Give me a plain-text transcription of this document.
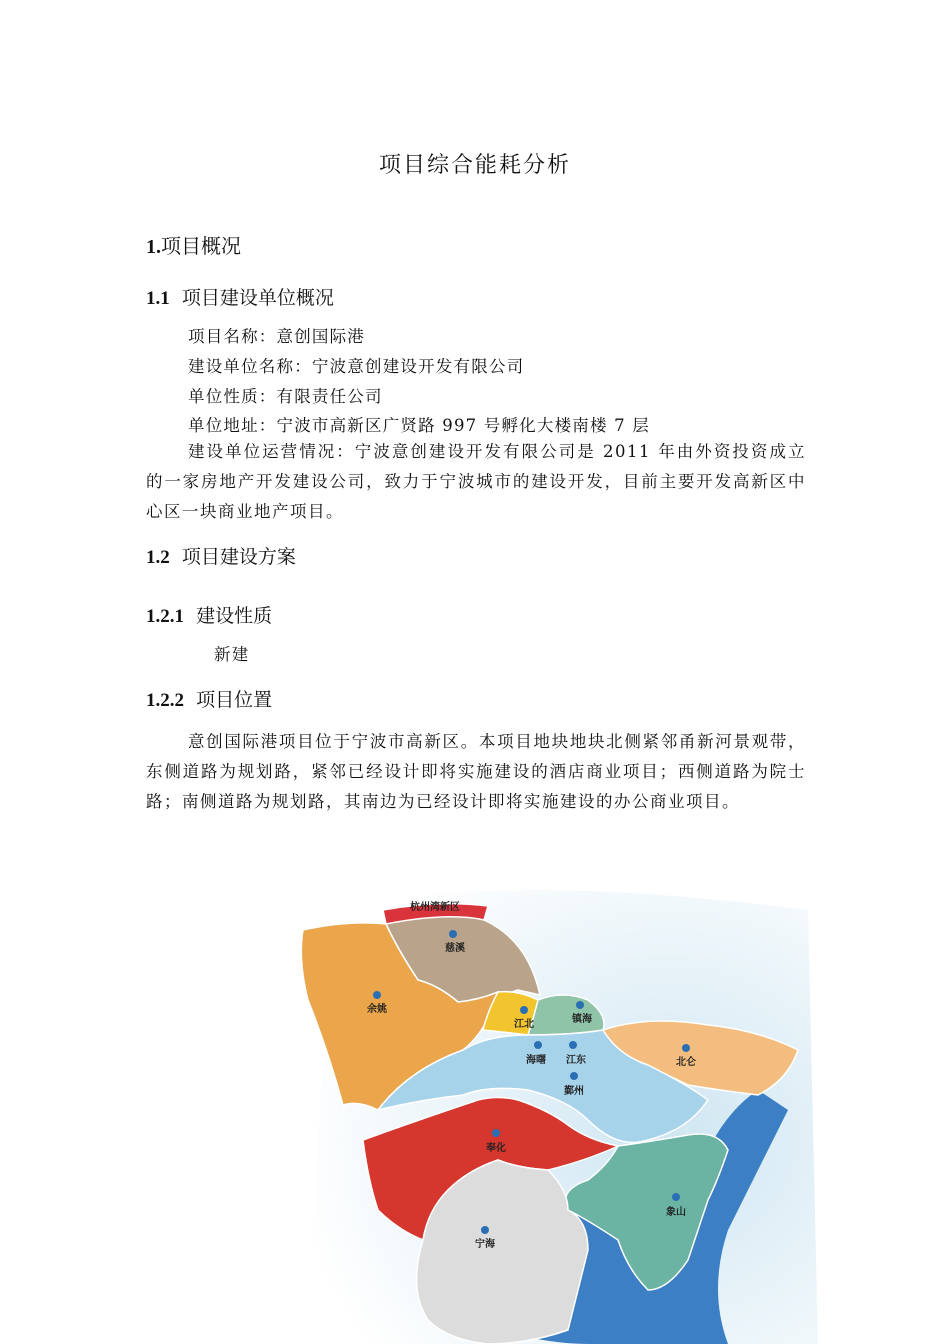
项目综合能耗分析
1.项目概况
1.1 项目建设单位概况
项目名称：意创国际港
建设单位名称：宁波意创建设开发有限公司
单位性质：有限责任公司
单位地址：宁波市高新区广贤路 997 号孵化大楼南楼 7 层
建设单位运营情况：宁波意创建设开发有限公司是 2011 年由外资投资成立的一家房地产开发建设公司，致力于宁波城市的建设开发，目前主要开发高新区中心区一块商业地产项目。
1.2 项目建设方案
1.2.1 建设性质
新建
1.2.2 项目位置
意创国际港项目位于宁波市高新区。本项目地块地块北侧紧邻甬新河景观带，东侧道路为规划路，紧邻已经设计即将实施建设的酒店商业项目；西侧道路为院士路；南侧道路为规划路，其南边为已经设计即将实施建设的办公商业项目。
杭州湾新区
慈溪
余姚
江北	镇海
海曙 江东	北仑
鄞州
奉化
象山
宁海
